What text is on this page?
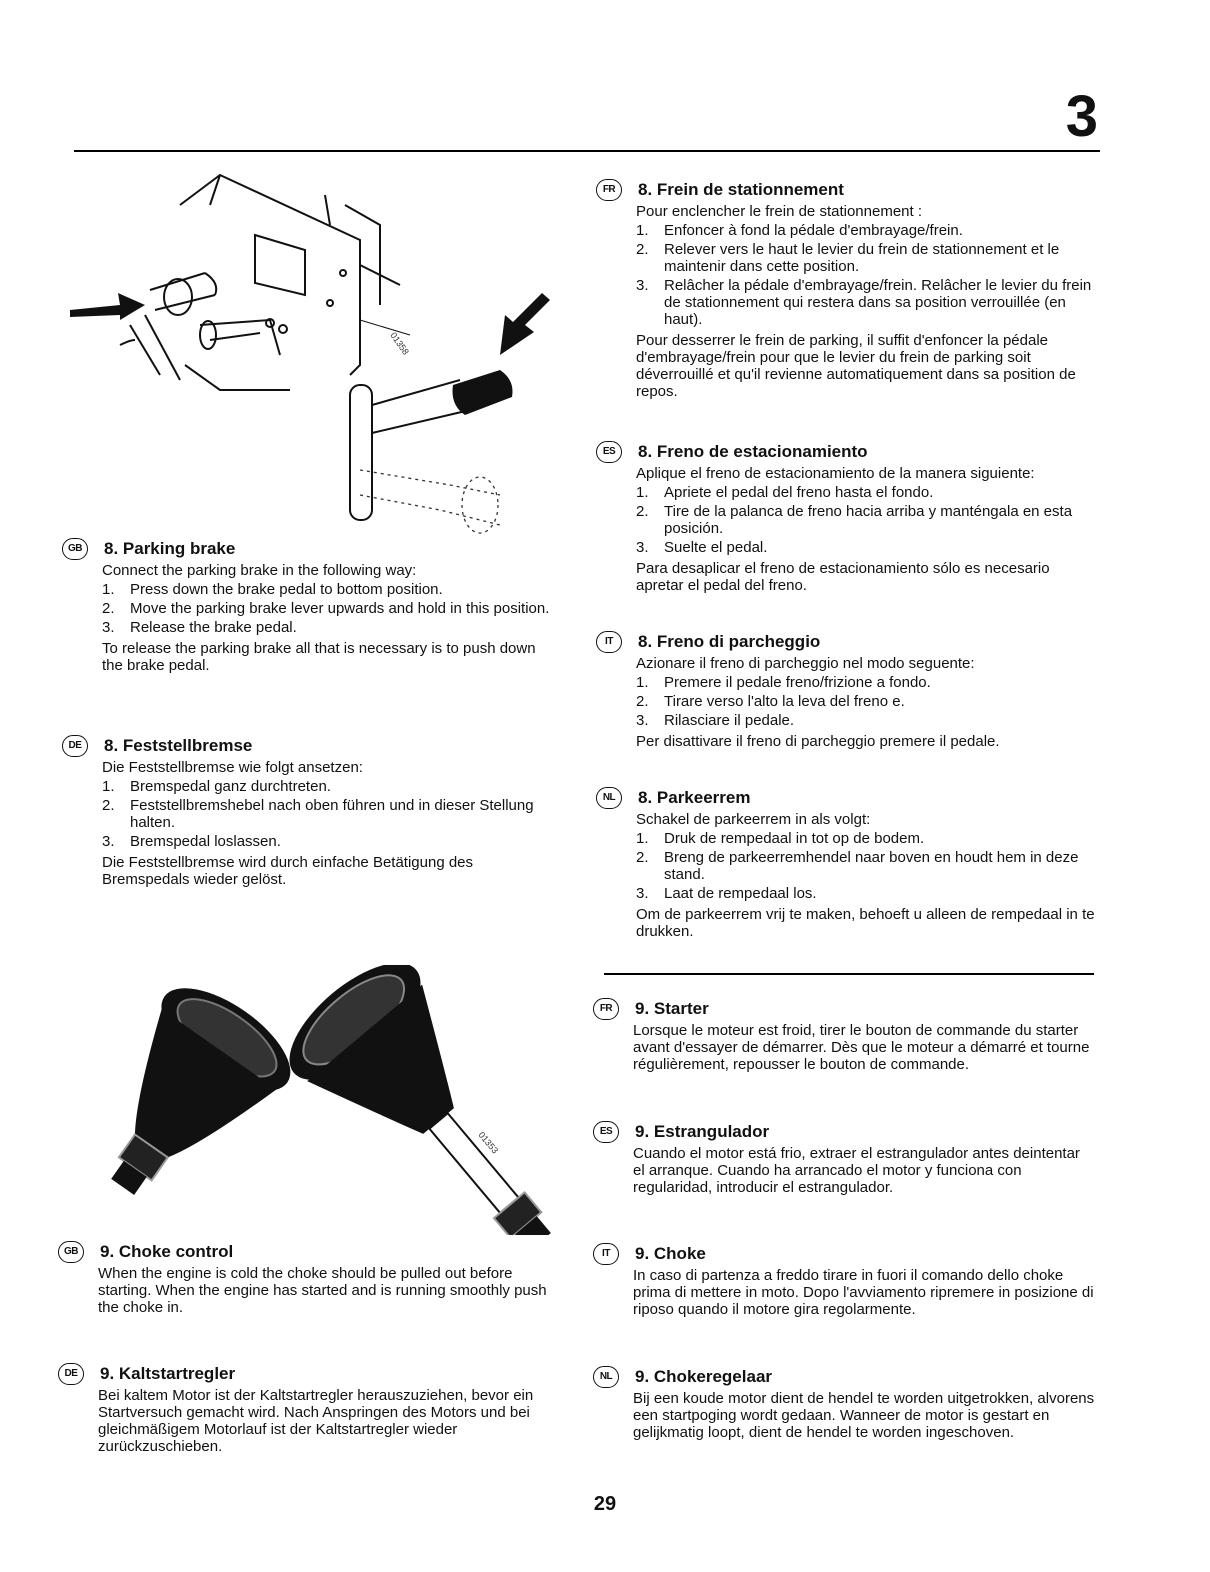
3
01358
01353
GB	8. Parking brake

Connect the parking brake in the following way:

1.	Press down the brake pedal to bottom position.
2.	Move the parking brake lever upwards and hold in this position.
3.	Release the brake pedal.

To release the parking brake all that is necessary is to push down the brake pedal.

DE	8. Feststellbremse

Die Feststellbremse wie folgt ansetzen:

1.	Bremspedal ganz durchtreten.
2.	Feststellbremshebel nach oben führen und in dieser Stellung halten.
3.	Bremspedal loslassen.

Die Feststellbremse wird durch einfache Betätigung des Bremspedals wieder gelöst.

FR	8. Frein de stationnement

Pour enclencher le frein de stationnement :

1.	Enfoncer à fond la pédale d'embrayage/frein.
2.	Relever vers le haut le levier du frein de stationnement et le maintenir dans cette position.
3.	Relâcher la pédale d'embrayage/frein. Relâcher le levier du frein de stationnement qui restera dans sa position verrouillée (en haut).

Pour desserrer le frein de parking, il suffit d'enfoncer la pédale d'embrayage/frein pour que le levier du frein de parking soit déverrouillé et qu'il revienne automatiquement dans sa position de repos.

ES	8. Freno de estacionamiento

Aplique el freno de estacionamiento de la manera siguiente:

1.	Apriete el pedal del freno hasta el fondo.
2.	Tire de la palanca de freno hacia arriba y manténgala en esta posición.
3.	Suelte el pedal.

Para desaplicar el freno de estacionamiento sólo es necesario apretar el pedal del freno.

IT	8. Freno di parcheggio

Azionare il freno di parcheggio nel modo seguente:

1.	Premere il pedale freno/frizione a fondo.
2.	Tirare verso l'alto la leva del freno e.
3.	Rilasciare il pedale.

Per disattivare il freno di parcheggio premere il pedale.

NL	8. Parkeerrem

Schakel de parkeerrem in als volgt:

1.	Druk de rempedaal in tot op de bodem.
2.	Breng de parkeerremhendel naar boven en houdt hem in deze stand.
3.	Laat de rempedaal los.

Om de parkeerrem vrij te maken, behoeft u alleen de rempedaal in te drukken.

FR	9. Starter

Lorsque le moteur est froid, tirer le bouton de commande du starter avant d'essayer de démarrer. Dès que le moteur a démarré et tourne régulièrement, repousser le bouton de commande.

ES	9. Estrangulador

Cuando el motor está frio, extraer el estrangulador antes deintentar el arranque. Cuando ha arrancado el motor y funciona con regularidad, introducir el estrangulador.

GB	9. Choke control

When the engine is cold the choke should be pulled out before starting. When the engine has started and is running smoothly push the choke in.

IT	9. Choke

In caso di partenza a freddo tirare in fuori il comando dello choke prima di mettere in moto. Dopo l'avviamento ripremere in posizione di riposo quando il motore gira regolarmente.

DE	9. Kaltstartregler

Bei kaltem Motor ist der Kaltstartregler herauszuziehen, bevor ein Startversuch gemacht wird. Nach Anspringen des Motors und bei gleichmäßigem Motorlauf ist der Kaltstartregler wieder zurückzuschieben.

NL	9. Chokeregelaar

Bij een koude motor dient de hendel te worden uitgetrokken, alvorens een startpoging wordt gedaan. Wanneer de motor is gestart en gelijkmatig loopt, dient de hendel te worden ingeschoven.

29
